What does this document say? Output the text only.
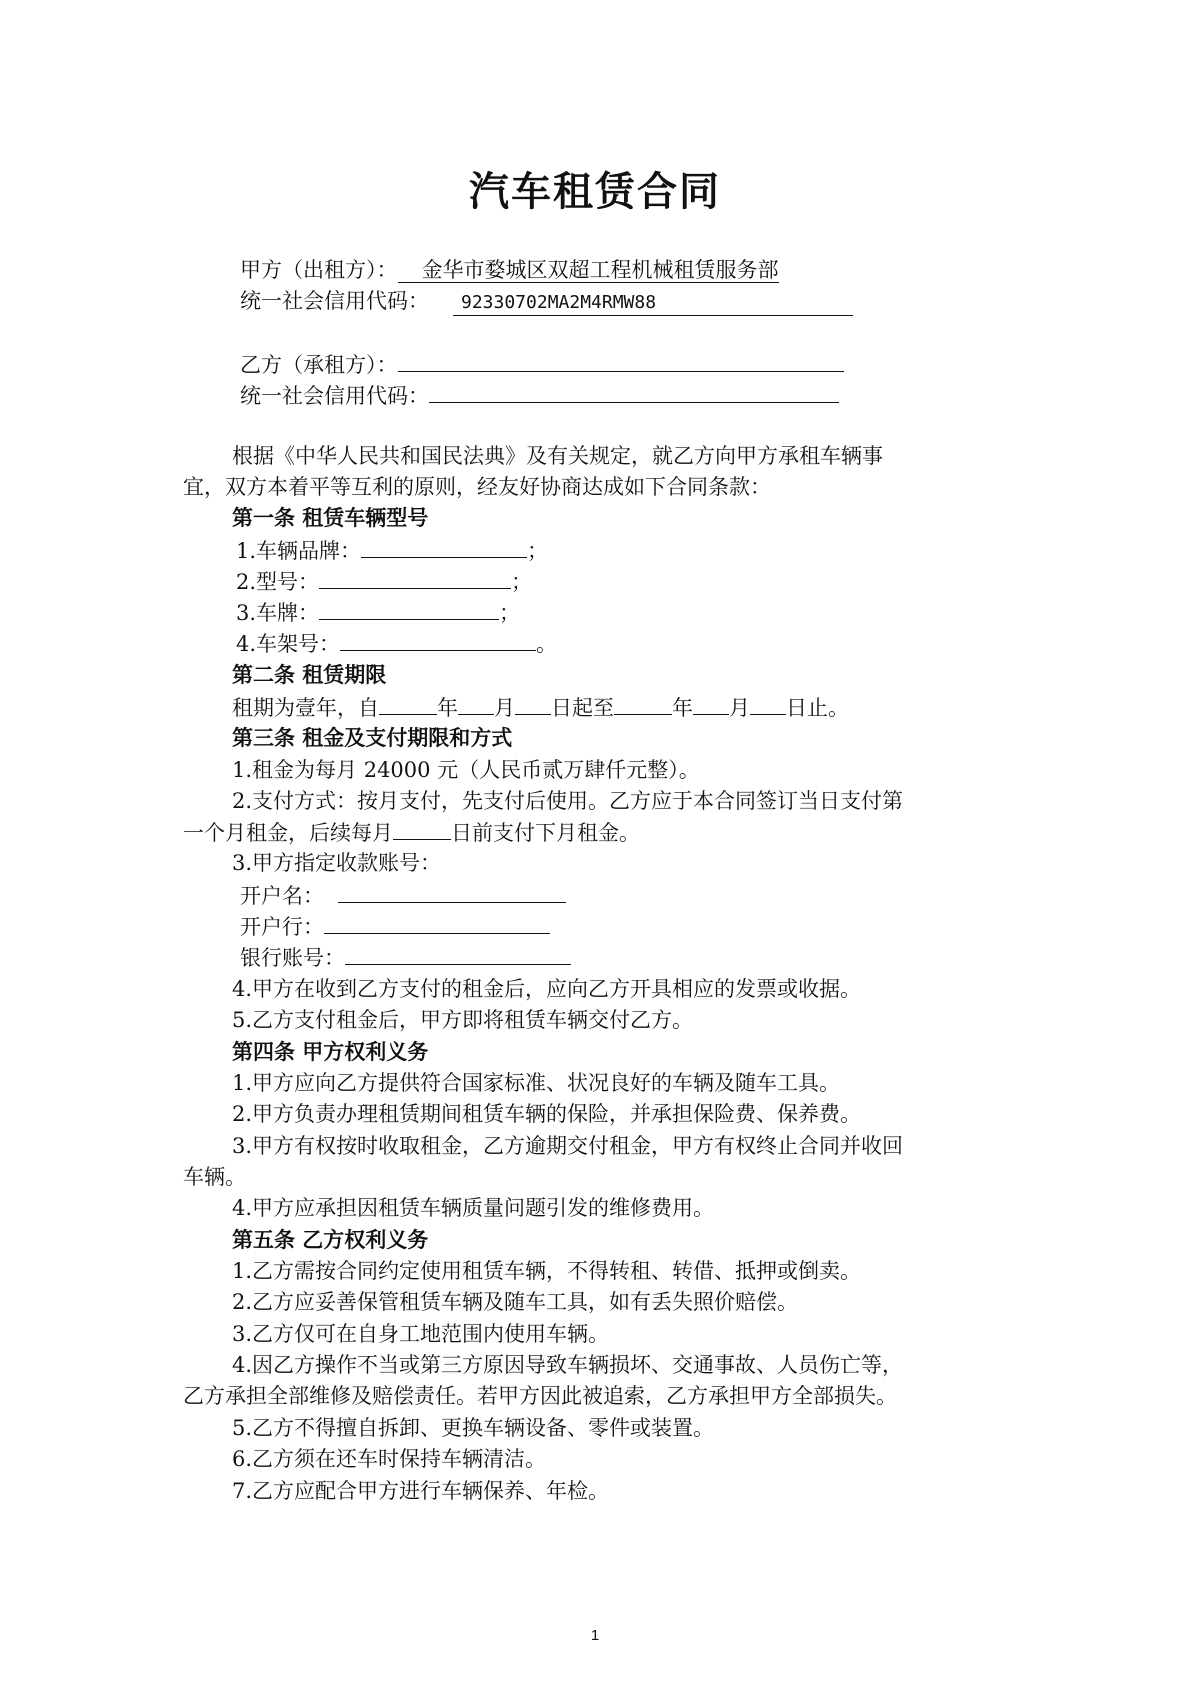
汽车租赁合同
甲方（出租方）： 金华市婺城区双超工程机械租赁服务部
统一社会信用代码： 92330702MA2M4RMW88
乙方（承租方）：
统一社会信用代码：
根据《中华人民共和国民法典》及有关规定，就乙方向甲方承租车辆事
宜，双方本着平等互利的原则，经友好协商达成如下合同条款：
第一条 租赁车辆型号
1.车辆品牌：	；
2.型号：	；
3.车牌：	；
4.车架号：	。
第二条 租赁期限
租期为壹年，自	年 月 日起至	年 月 日止。
第三条 租金及支付期限和方式
1.租金为每月 24000 元（人民币贰万肆仟元整）。
2.支付方式：按月支付，先支付后使用。乙方应于本合同签订当日支付第
一个月租金，后续每月	日前支付下月租金。
3.甲方指定收款账号：
开户名：
开户行：
银行账号：
4.甲方在收到乙方支付的租金后，应向乙方开具相应的发票或收据。
5.乙方支付租金后，甲方即将租赁车辆交付乙方。
第四条 甲方权利义务
1.甲方应向乙方提供符合国家标准、状况良好的车辆及随车工具。
2.甲方负责办理租赁期间租赁车辆的保险，并承担保险费、保养费。
3.甲方有权按时收取租金，乙方逾期交付租金，甲方有权终止合同并收回
车辆。
4.甲方应承担因租赁车辆质量问题引发的维修费用。
第五条 乙方权利义务
1.乙方需按合同约定使用租赁车辆，不得转租、转借、抵押或倒卖。
2.乙方应妥善保管租赁车辆及随车工具，如有丢失照价赔偿。
3.乙方仅可在自身工地范围内使用车辆。
4.因乙方操作不当或第三方原因导致车辆损坏、交通事故、人员伤亡等，
乙方承担全部维修及赔偿责任。若甲方因此被追索，乙方承担甲方全部损失。
5.乙方不得擅自拆卸、更换车辆设备、零件或装置。
6.乙方须在还车时保持车辆清洁。
7.乙方应配合甲方进行车辆保养、年检。
1
